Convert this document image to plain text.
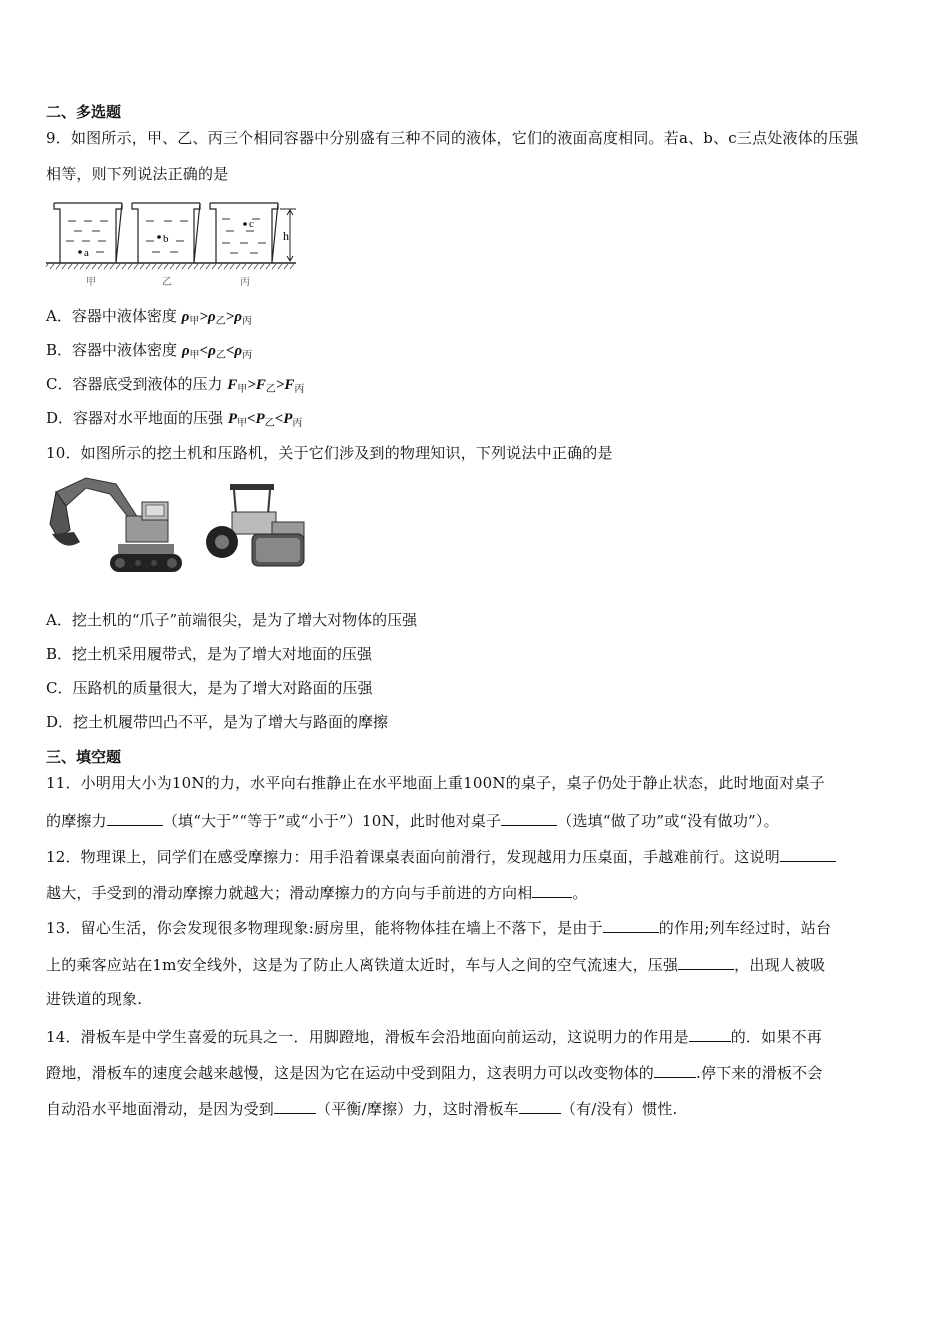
二、多选题
9．如图所示，甲、乙、丙三个相同容器中分别盛有三种不同的液体，它们的液面高度相同。若a、b、c三点处液体的压强
相等，则下列说法正确的是
a
b
c
h
甲	乙	丙
A．容器中液体密度 $\rho_甲>\rho_乙>\rho_丙$
B．容器中液体密度 $\rho_甲<\rho_乙<\rho_丙$
C．容器底受到液体的压力 $F_甲>F_乙>F_丙$
D．容器对水平地面的压强 $P_甲<P_乙<P_丙$
10．如图所示的挖土机和压路机，关于它们涉及到的物理知识，下列说法中正确的是
A．挖土机的“爪子”前端很尖，是为了增大对物体的压强
B．挖土机采用履带式，是为了增大对地面的压强
C．压路机的质量很大，是为了增大对路面的压强
D．挖土机履带凹凸不平，是为了增大与路面的摩擦
三、填空题
11．小明用大小为10N的力，水平向右推静止在水平地面上重100N的桌子，桌子仍处于静止状态，此时地面对桌子
的摩擦力	（填“大于”“等于”或“小于”）10N，此时他对桌子	（选填“做了功”或“没有做功”）。
12．物理课上，同学们在感受摩擦力：用手沿着课桌表面向前滑行，发现越用力压桌面，手越难前行。这说明
越大，手受到的滑动摩擦力就越大；滑动摩擦力的方向与手前进的方向相	。
13．留心生活，你会发现很多物理现象:厨房里，能将物体挂在墙上不落下，是由于	的作用;列车经过时，站台
上的乘客应站在1m安全线外，这是为了防止人离铁道太近时，车与人之间的空气流速大，压强	，出现人被吸
进铁道的现象.
14．滑板车是中学生喜爱的玩具之一．用脚蹬地，滑板车会沿地面向前运动，这说明力的作用是	的．如果不再
蹬地，滑板车的速度会越来越慢，这是因为它在运动中受到阻力，这表明力可以改变物体的	.停下来的滑板不会
自动沿水平地面滑动，是因为受到	（平衡/摩擦）力，这时滑板车	（有/没有）惯性.
